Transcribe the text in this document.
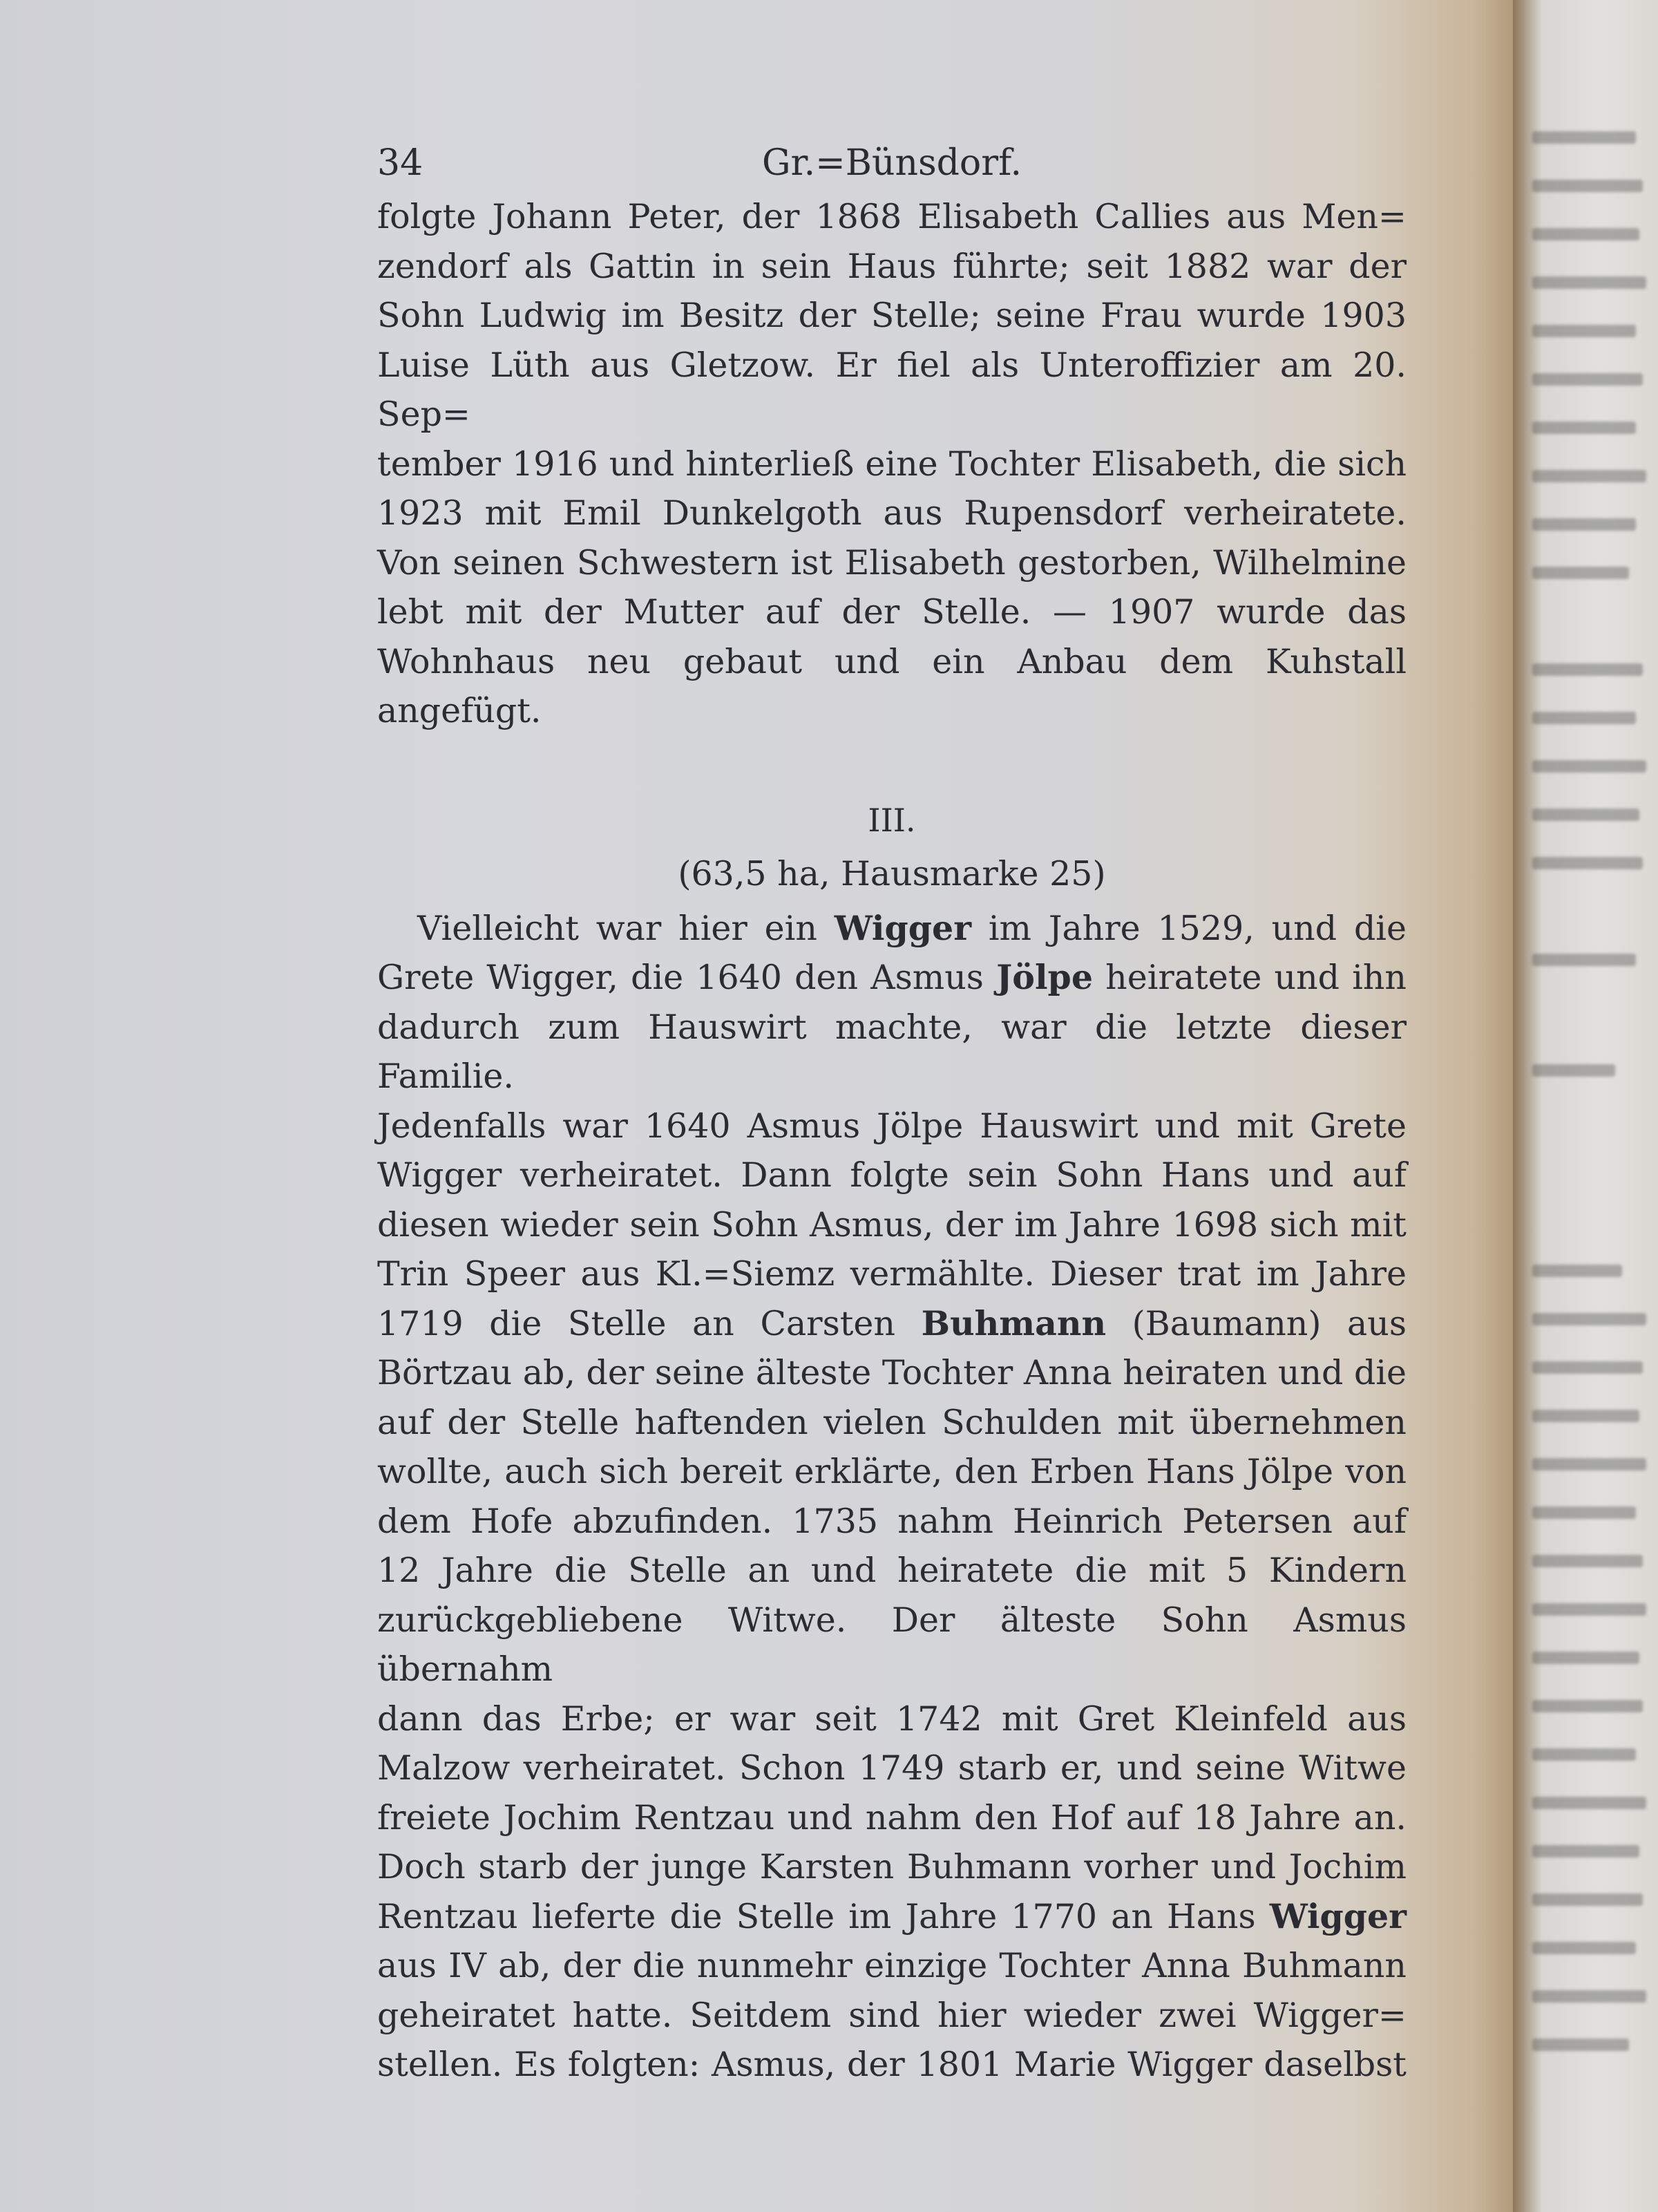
34	Gr.=Bünsdorf.
folgte Johann Peter, der 1868 Elisabeth Callies aus Men=
zendorf als Gattin in sein Haus führte; seit 1882 war der
Sohn Ludwig im Besitz der Stelle; seine Frau wurde 1903
Luise Lüth aus Gletzow. Er fiel als Unteroffizier am 20. Sep=
tember 1916 und hinterließ eine Tochter Elisabeth, die sich
1923 mit Emil Dunkelgoth aus Rupensdorf verheiratete.
Von seinen Schwestern ist Elisabeth gestorben, Wilhelmine
lebt mit der Mutter auf der Stelle. — 1907 wurde das
Wohnhaus neu gebaut und ein Anbau dem Kuhstall angefügt.
III.
(63,5 ha, Hausmarke 25)
Vielleicht war hier ein Wigger im Jahre 1529, und die
Grete Wigger, die 1640 den Asmus Jölpe heiratete und ihn
dadurch zum Hauswirt machte, war die letzte dieser Familie.
Jedenfalls war 1640 Asmus Jölpe Hauswirt und mit Grete
Wigger verheiratet. Dann folgte sein Sohn Hans und auf
diesen wieder sein Sohn Asmus, der im Jahre 1698 sich mit
Trin Speer aus Kl.=Siemz vermählte. Dieser trat im Jahre
1719 die Stelle an Carsten Buhmann (Baumann) aus
Börtzau ab, der seine älteste Tochter Anna heiraten und die
auf der Stelle haftenden vielen Schulden mit übernehmen
wollte, auch sich bereit erklärte, den Erben Hans Jölpe von
dem Hofe abzufinden. 1735 nahm Heinrich Petersen auf
12 Jahre die Stelle an und heiratete die mit 5 Kindern
zurückgebliebene Witwe. Der älteste Sohn Asmus übernahm
dann das Erbe; er war seit 1742 mit Gret Kleinfeld aus
Malzow verheiratet. Schon 1749 starb er, und seine Witwe
freiete Jochim Rentzau und nahm den Hof auf 18 Jahre an.
Doch starb der junge Karsten Buhmann vorher und Jochim
Rentzau lieferte die Stelle im Jahre 1770 an Hans Wigger
aus IV ab, der die nunmehr einzige Tochter Anna Buhmann
geheiratet hatte. Seitdem sind hier wieder zwei Wigger=
stellen. Es folgten: Asmus, der 1801 Marie Wigger daselbst
